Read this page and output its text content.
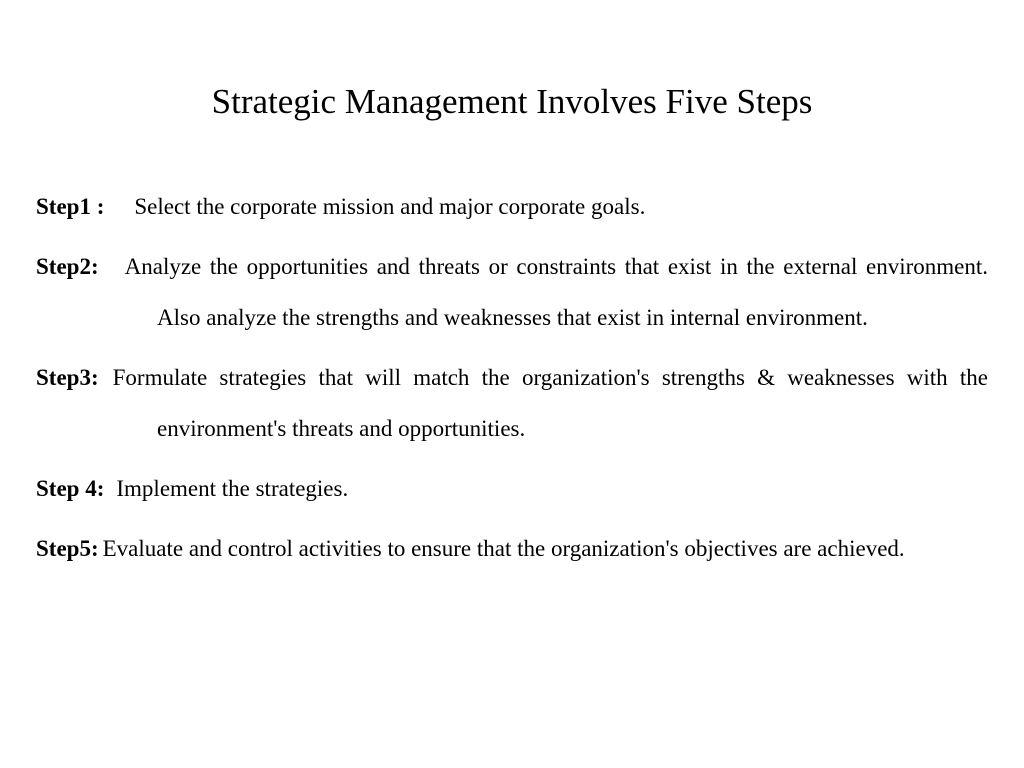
Strategic Management Involves Five Steps
Step1 : Select the corporate mission and major corporate goals.
Step2: Analyze the opportunities and threats or constraints that exist in the external environment. Also analyze the strengths and weaknesses that exist in internal environment.
Step3: Formulate strategies that will match the organization's strengths & weaknesses with the environment's threats and opportunities.
Step 4: Implement the strategies.
Step5: Evaluate and control activities to ensure that the organization's objectives are achieved.
